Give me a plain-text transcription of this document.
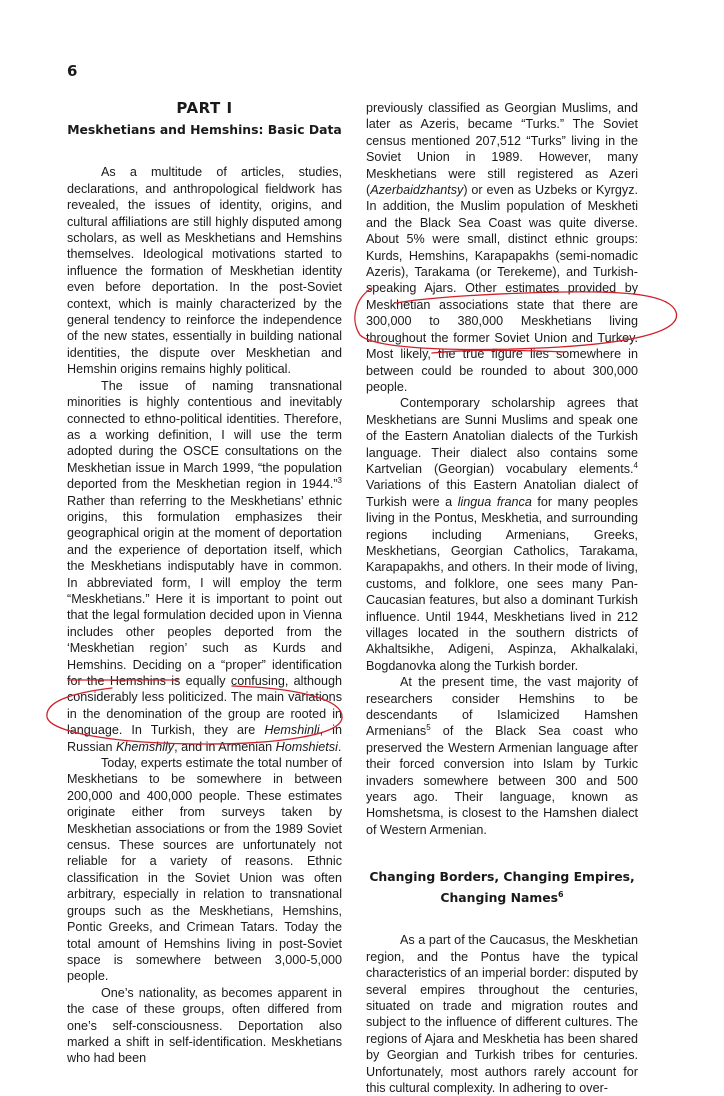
6
PART I
Meskhetians and Hemshins: Basic Data

As a multitude of articles, studies, declarations, and anthropological fieldwork has revealed, the issues of identity, origins, and cultural affiliations are still highly disputed among scholars, as well as Meskhetians and Hemshins themselves. Ideological motivations started to influence the formation of Meskhetian identity even before deportation. In the post-Soviet context, which is mainly characterized by the general tendency to reinforce the independence of the new states, essentially in building national identities, the dispute over Meskhetian and Hemshin origins remains highly political.

The issue of naming transnational minorities is highly contentious and inevitably connected to ethno-political identities. Therefore, as a working definition, I will use the term adopted during the OSCE consultations on the Meskhetian issue in March 1999, “the population deported from the Meskhetian region in 1944.”$^3$ Rather than referring to the Meskhetians’ ethnic origins, this formulation emphasizes their geographical origin at the moment of deportation and the experience of deportation itself, which the Meskhetians indisputably have in common. In abbreviated form, I will employ the term “Meskhetians.” Here it is important to point out that the legal formulation decided upon in Vienna includes other peoples deported from the ‘Meskhetian region’ such as Kurds and Hemshins. Deciding on a “proper” identification for the Hemshins is equally confusing, although considerably less politicized. The main variations in the denomination of the group are rooted in language. In Turkish, they are Hemshinli, in Russian Khemshily, and in Armenian Homshietsi.

Today, experts estimate the total number of Meskhetians to be somewhere in between 200,000 and 400,000 people. These estimates originate either from surveys taken by Meskhetian associations or from the 1989 Soviet census. These sources are unfortunately not reliable for a variety of reasons. Ethnic classification in the Soviet Union was often arbitrary, especially in relation to transnational groups such as the Meskhetians, Hemshins, Pontic Greeks, and Crimean Tatars. Today the total amount of Hemshins living in post-Soviet space is somewhere between 3,000-5,000 people.

One’s nationality, as becomes apparent in the case of these groups, often differed from one’s self-consciousness. Deportation also marked a shift in self-identification. Meskhetians who had been

previously classified as Georgian Muslims, and later as Azeris, became “Turks.” The Soviet census mentioned 207,512 “Turks” living in the Soviet Union in 1989. However, many Meskhetians were still registered as Azeri (Azerbaidzhantsy) or even as Uzbeks or Kyrgyz. In addition, the Muslim population of Meskheti and the Black Sea Coast was quite diverse. About 5% were small, distinct ethnic groups: Kurds, Hemshins, Karapapakhs (semi-nomadic Azeris), Tarakama (or Terekeme), and Turkish-speaking Ajars. Other estimates provided by Meskhetian associations state that there are 300,000 to 380,000 Meskhetians living throughout the former Soviet Union and Turkey. Most likely, the true figure lies somewhere in between could be rounded to about 300,000 people.

Contemporary scholarship agrees that Meskhetians are Sunni Muslims and speak one of the Eastern Anatolian dialects of the Turkish language. Their dialect also contains some Kartvelian (Georgian) vocabulary elements.$^4$ Variations of this Eastern Anatolian dialect of Turkish were a lingua franca for many peoples living in the Pontus, Meskhetia, and surrounding regions including Armenians, Greeks, Meskhetians, Georgian Catholics, Tarakama, Karapapakhs, and others. In their mode of living, customs, and folklore, one sees many Pan-Caucasian features, but also a dominant Turkish influence. Until 1944, Meskhetians lived in 212 villages located in the southern districts of Akhaltsikhe, Adigeni, Aspinza, Akhalkalaki, Bogdanovka along the Turkish border.

At the present time, the vast majority of researchers consider Hemshins to be descendants of Islamicized Hamshen Armenians$^5$ of the Black Sea coast who preserved the Western Armenian language after their forced conversion into Islam by Turkic invaders somewhere between 300 and 500 years ago. Their language, known as Homshetsma, is closest to the Hamshen dialect of Western Armenian.

Changing Borders, Changing Empires,
Changing Names$^6$

As a part of the Caucasus, the Meskhetian region, and the Pontus have the typical characteristics of an imperial border: disputed by several empires throughout the centuries, situated on trade and migration routes and subject to the influence of different cultures. The regions of Ajara and Meskhetia has been shared by Georgian and Turkish tribes for centuries. Unfortunately, most authors rarely account for this cultural complexity. In adhering to over-
